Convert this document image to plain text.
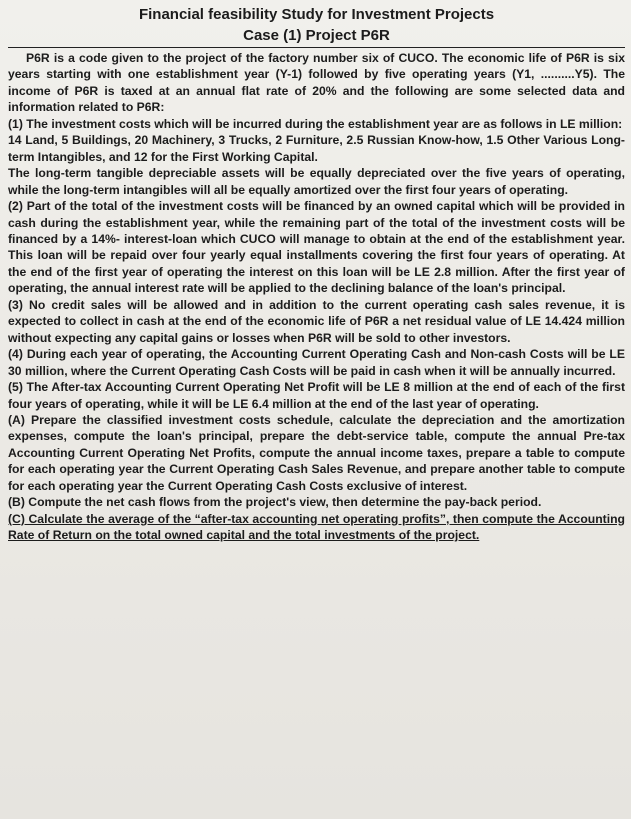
Financial feasibility Study for Investment Projects
Case (1) Project P6R

P6R is a code given to the project of the factory number six of CUCO. The economic life of P6R is six years starting with one establishment year (Y-1) followed by five operating years (Y1, ..........Y5). The income of P6R is taxed at an annual flat rate of 20% and the following are some selected data and information related to P6R:

(1) The investment costs which will be incurred during the establishment year are as follows in LE million:

14 Land, 5 Buildings, 20 Machinery, 3 Trucks, 2 Furniture, 2.5 Russian Know-how, 1.5 Other Various Long-term Intangibles, and 12 for the First Working Capital.

The long-term tangible depreciable assets will be equally depreciated over the five years of operating, while the long-term intangibles will all be equally amortized over the first four years of operating.

(2) Part of the total of the investment costs will be financed by an owned capital which will be provided in cash during the establishment year, while the remaining part of the total of the investment costs will be financed by a 14%- interest-loan which CUCO will manage to obtain at the end of the establishment year. This loan will be repaid over four yearly equal installments covering the first four years of operating. At the end of the first year of operating the interest on this loan will be LE 2.8 million. After the first year of operating, the annual interest rate will be applied to the declining balance of the loan's principal.

(3) No credit sales will be allowed and in addition to the current operating cash sales revenue, it is expected to collect in cash at the end of the economic life of P6R a net residual value of LE 14.424 million without expecting any capital gains or losses when P6R will be sold to other investors.

(4) During each year of operating, the Accounting Current Operating Cash and Non-cash Costs will be LE 30 million, where the Current Operating Cash Costs will be paid in cash when it will be annually incurred.

(5) The After-tax Accounting Current Operating Net Profit will be LE 8 million at the end of each of the first four years of operating, while it will be LE 6.4 million at the end of the last year of operating.

(A) Prepare the classified investment costs schedule, calculate the depreciation and the amortization expenses, compute the loan's principal, prepare the debt-service table, compute the annual Pre-tax Accounting Current Operating Net Profits, compute the annual income taxes, prepare a table to compute for each operating year the Current Operating Cash Sales Revenue, and prepare another table to compute for each operating year the Current Operating Cash Costs exclusive of interest.

(B) Compute the net cash flows from the project's view, then determine the pay-back period.

(C) Calculate the average of the “after-tax accounting net operating profits”, then compute the Accounting Rate of Return on the total owned capital and the total investments of the project.
